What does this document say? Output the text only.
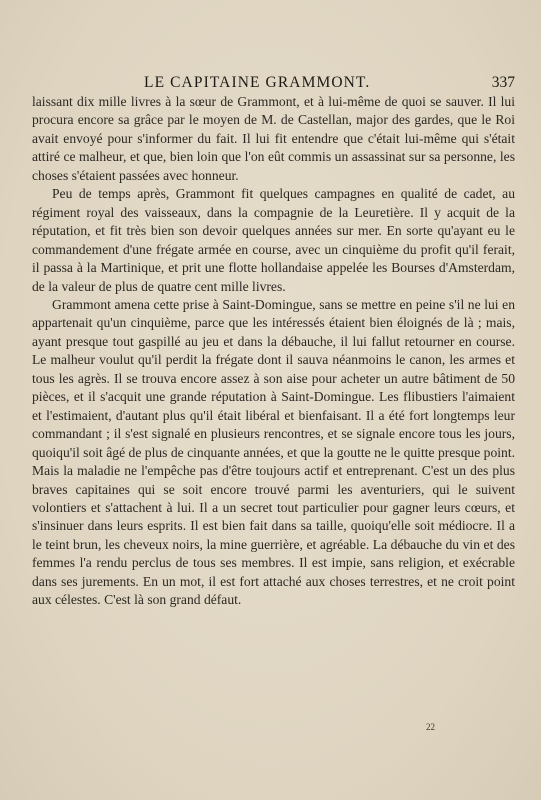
LE CAPITAINE GRAMMONT.	337

laissant dix mille livres à la sœur de Grammont, et à lui-même de quoi se sauver. Il lui procura encore sa grâce par le moyen de M. de Castellan, major des gardes, que le Roi avait envoyé pour s'informer du fait. Il lui fit entendre que c'était lui-même qui s'était attiré ce malheur, et que, bien loin que l'on eût commis un assassinat sur sa personne, les choses s'étaient passées avec honneur.

Peu de temps après, Grammont fit quelques campagnes en qualité de cadet, au régiment royal des vaisseaux, dans la compagnie de la Leuretière. Il y acquit de la réputation, et fit très bien son devoir quelques années sur mer. En sorte qu'ayant eu le commandement d'une frégate armée en course, avec un cinquième du profit qu'il ferait, il passa à la Martinique, et prit une flotte hollandaise appelée les Bourses d'Amsterdam, de la valeur de plus de quatre cent mille livres.

Grammont amena cette prise à Saint-Domingue, sans se mettre en peine s'il ne lui en appartenait qu'un cinquième, parce que les intéressés étaient bien éloignés de là ; mais, ayant presque tout gaspillé au jeu et dans la débauche, il lui fallut retourner en course. Le malheur voulut qu'il perdit la frégate dont il sauva néanmoins le canon, les armes et tous les agrès. Il se trouva encore assez à son aise pour acheter un autre bâtiment de 50 pièces, et il s'acquit une grande réputation à Saint-Domingue. Les flibustiers l'aimaient et l'estimaient, d'autant plus qu'il était libéral et bienfaisant. Il a été fort longtemps leur commandant ; il s'est signalé en plusieurs rencontres, et se signale encore tous les jours, quoiqu'il soit âgé de plus de cinquante années, et que la goutte ne le quitte presque point. Mais la maladie ne l'empêche pas d'être toujours actif et entreprenant. C'est un des plus braves capitaines qui se soit encore trouvé parmi les aventuriers, qui le suivent volontiers et s'attachent à lui. Il a un secret tout particulier pour gagner leurs cœurs, et s'insinuer dans leurs esprits. Il est bien fait dans sa taille, quoiqu'elle soit médiocre. Il a le teint brun, les cheveux noirs, la mine guerrière, et agréable. La débauche du vin et des femmes l'a rendu perclus de tous ses membres. Il est impie, sans religion, et exécrable dans ses jurements. En un mot, il est fort attaché aux choses terrestres, et ne croit point aux célestes. C'est là son grand défaut.

22
